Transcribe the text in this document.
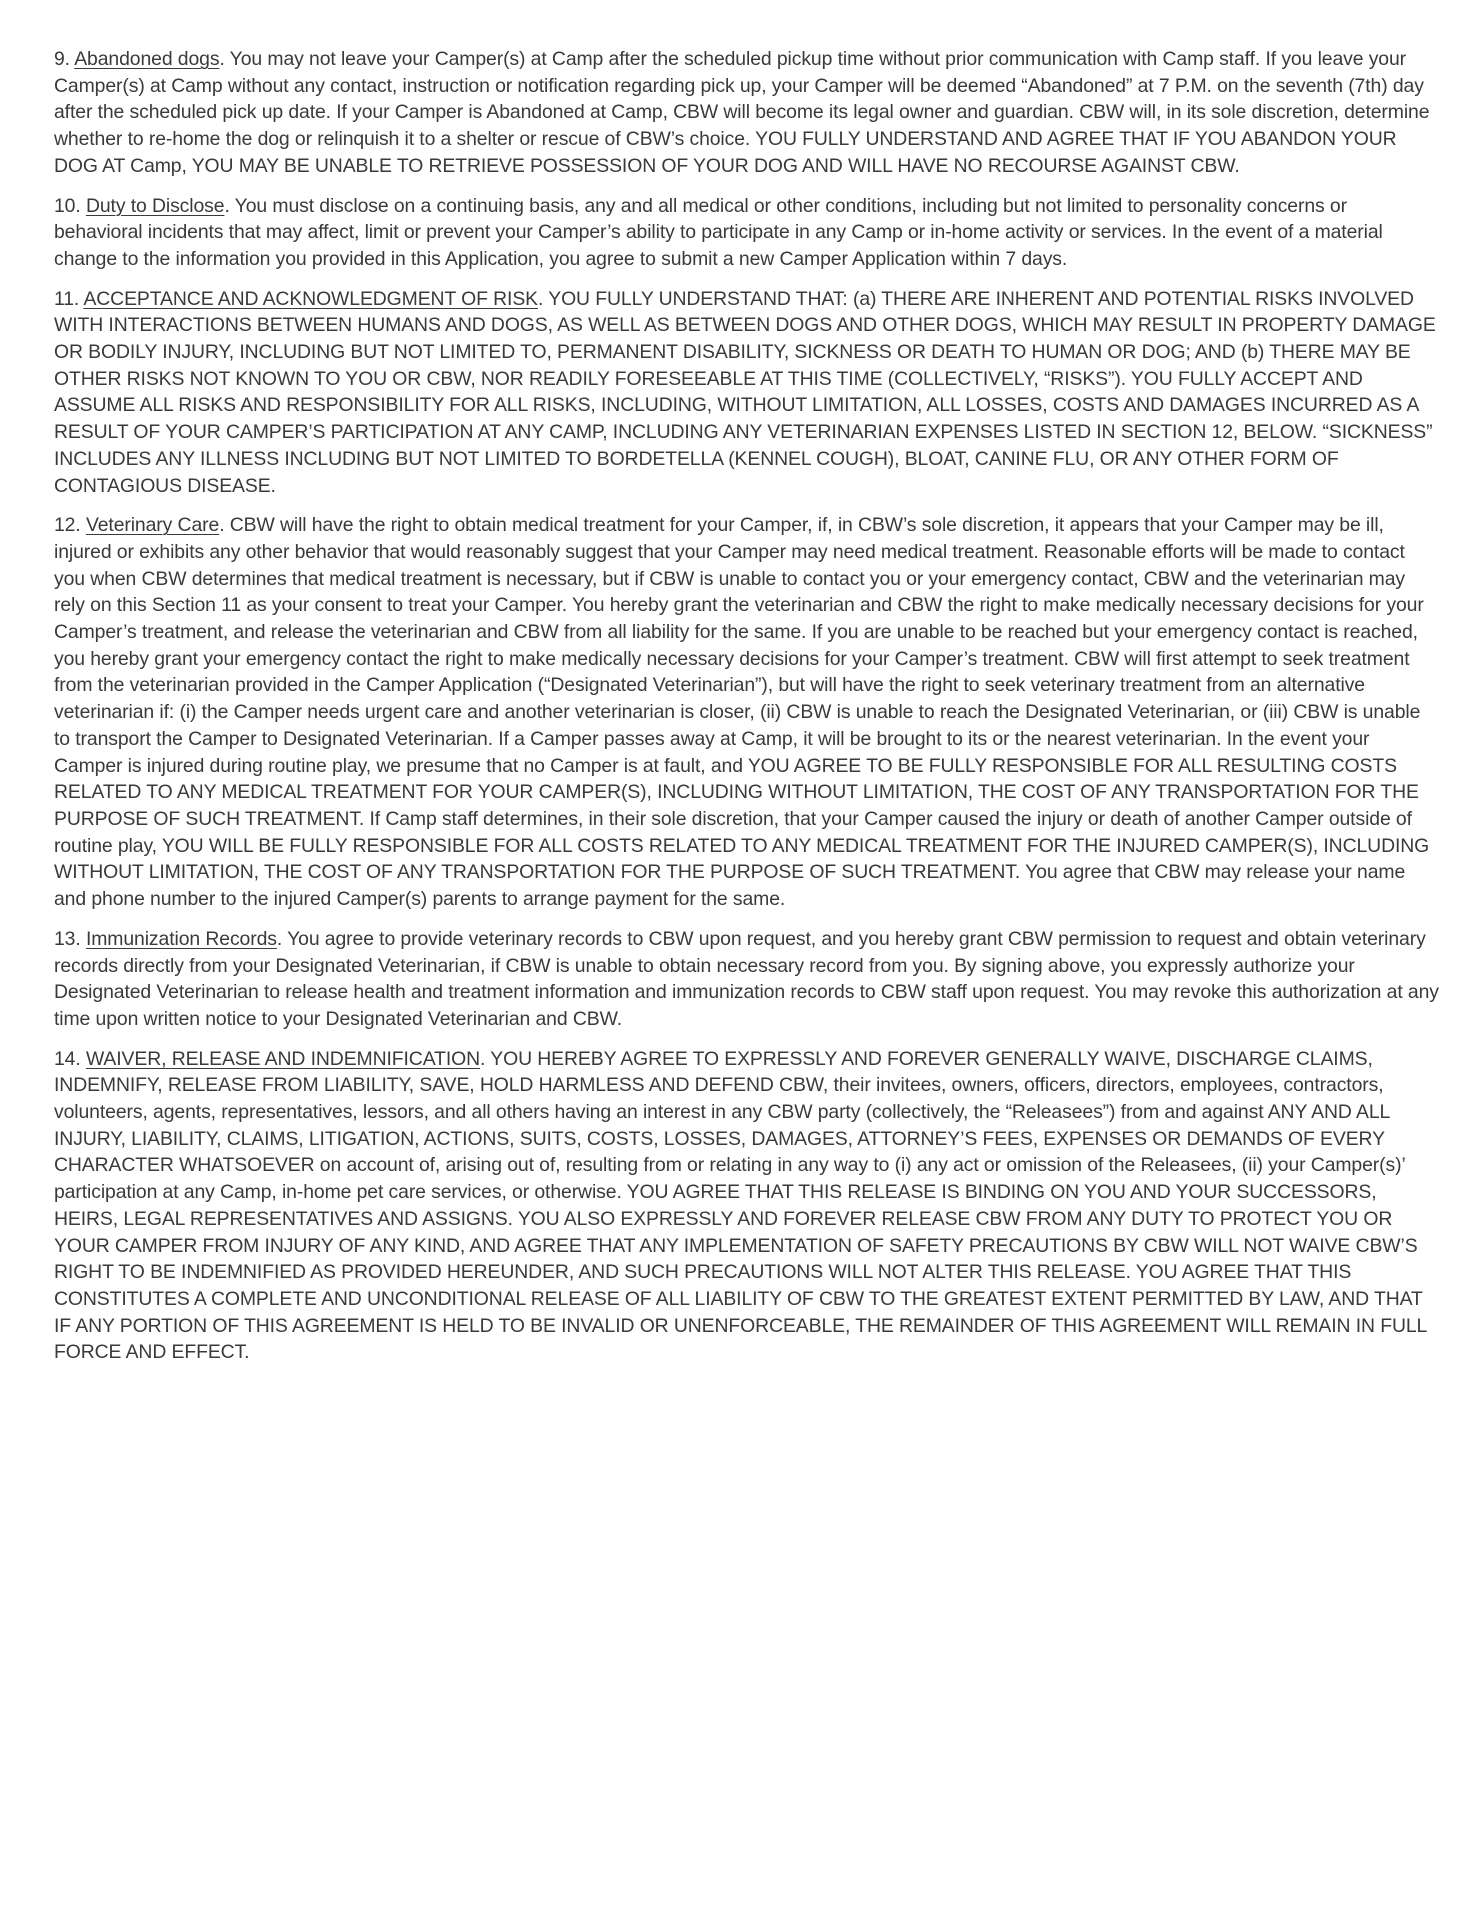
9. Abandoned dogs. You may not leave your Camper(s) at Camp after the scheduled pickup time without prior communication with Camp staff. If you leave your Camper(s) at Camp without any contact, instruction or notification regarding pick up, your Camper will be deemed “Abandoned” at 7 P.M. on the seventh (7th) day after the scheduled pick up date. If your Camper is Abandoned at Camp, CBW will become its legal owner and guardian. CBW will, in its sole discretion, determine whether to re-home the dog or relinquish it to a shelter or rescue of CBW’s choice. YOU FULLY UNDERSTAND AND AGREE THAT IF YOU ABANDON YOUR DOG AT Camp, YOU MAY BE UNABLE TO RETRIEVE POSSESSION OF YOUR DOG AND WILL HAVE NO RECOURSE AGAINST CBW.

10. Duty to Disclose. You must disclose on a continuing basis, any and all medical or other conditions, including but not limited to personality concerns or behavioral incidents that may affect, limit or prevent your Camper’s ability to participate in any Camp or in-home activity or services. In the event of a material change to the information you provided in this Application, you agree to submit a new Camper Application within 7 days.

11. ACCEPTANCE AND ACKNOWLEDGMENT OF RISK. YOU FULLY UNDERSTAND THAT: (a) THERE ARE INHERENT AND POTENTIAL RISKS INVOLVED WITH INTERACTIONS BETWEEN HUMANS AND DOGS, AS WELL AS BETWEEN DOGS AND OTHER DOGS, WHICH MAY RESULT IN PROPERTY DAMAGE OR BODILY INJURY, INCLUDING BUT NOT LIMITED TO, PERMANENT DISABILITY, SICKNESS OR DEATH TO HUMAN OR DOG; AND (b) THERE MAY BE OTHER RISKS NOT KNOWN TO YOU OR CBW, NOR READILY FORESEEABLE AT THIS TIME (COLLECTIVELY, “RISKS”). YOU FULLY ACCEPT AND ASSUME ALL RISKS AND RESPONSIBILITY FOR ALL RISKS, INCLUDING, WITHOUT LIMITATION, ALL LOSSES, COSTS AND DAMAGES INCURRED AS A RESULT OF YOUR CAMPER’S PARTICIPATION AT ANY CAMP, INCLUDING ANY VETERINARIAN EXPENSES LISTED IN SECTION 12, BELOW. “SICKNESS” INCLUDES ANY ILLNESS INCLUDING BUT NOT LIMITED TO BORDETELLA (KENNEL COUGH), BLOAT, CANINE FLU, OR ANY OTHER FORM OF CONTAGIOUS DISEASE.

12. Veterinary Care. CBW will have the right to obtain medical treatment for your Camper, if, in CBW’s sole discretion, it appears that your Camper may be ill, injured or exhibits any other behavior that would reasonably suggest that your Camper may need medical treatment. Reasonable efforts will be made to contact you when CBW determines that medical treatment is necessary, but if CBW is unable to contact you or your emergency contact, CBW and the veterinarian may rely on this Section 11 as your consent to treat your Camper. You hereby grant the veterinarian and CBW the right to make medically necessary decisions for your Camper’s treatment, and release the veterinarian and CBW from all liability for the same. If you are unable to be reached but your emergency contact is reached, you hereby grant your emergency contact the right to make medically necessary decisions for your Camper’s treatment. CBW will first attempt to seek treatment from the veterinarian provided in the Camper Application (“Designated Veterinarian”), but will have the right to seek veterinary treatment from an alternative veterinarian if: (i) the Camper needs urgent care and another veterinarian is closer, (ii) CBW is unable to reach the Designated Veterinarian, or (iii) CBW is unable to transport the Camper to Designated Veterinarian. If a Camper passes away at Camp, it will be brought to its or the nearest veterinarian. In the event your Camper is injured during routine play, we presume that no Camper is at fault, and YOU AGREE TO BE FULLY RESPONSIBLE FOR ALL RESULTING COSTS RELATED TO ANY MEDICAL TREATMENT FOR YOUR CAMPER(S), INCLUDING WITHOUT LIMITATION, THE COST OF ANY TRANSPORTATION FOR THE PURPOSE OF SUCH TREATMENT. If Camp staff determines, in their sole discretion, that your Camper caused the injury or death of another Camper outside of routine play, YOU WILL BE FULLY RESPONSIBLE FOR ALL COSTS RELATED TO ANY MEDICAL TREATMENT FOR THE INJURED CAMPER(S), INCLUDING WITHOUT LIMITATION, THE COST OF ANY TRANSPORTATION FOR THE PURPOSE OF SUCH TREATMENT. You agree that CBW may release your name and phone number to the injured Camper(s) parents to arrange payment for the same.

13. Immunization Records. You agree to provide veterinary records to CBW upon request, and you hereby grant CBW permission to request and obtain veterinary records directly from your Designated Veterinarian, if CBW is unable to obtain necessary record from you. By signing above, you expressly authorize your Designated Veterinarian to release health and treatment information and immunization records to CBW staff upon request. You may revoke this authorization at any time upon written notice to your Designated Veterinarian and CBW.

14. WAIVER, RELEASE AND INDEMNIFICATION. YOU HEREBY AGREE TO EXPRESSLY AND FOREVER GENERALLY WAIVE, DISCHARGE CLAIMS, INDEMNIFY, RELEASE FROM LIABILITY, SAVE, HOLD HARMLESS AND DEFEND CBW, their invitees, owners, officers, directors, employees, contractors, volunteers, agents, representatives, lessors, and all others having an interest in any CBW party (collectively, the “Releasees”) from and against ANY AND ALL INJURY, LIABILITY, CLAIMS, LITIGATION, ACTIONS, SUITS, COSTS, LOSSES, DAMAGES, ATTORNEY’S FEES, EXPENSES OR DEMANDS OF EVERY CHARACTER WHATSOEVER on account of, arising out of, resulting from or relating in any way to (i) any act or omission of the Releasees, (ii) your Camper(s)’ participation at any Camp, in-home pet care services, or otherwise. YOU AGREE THAT THIS RELEASE IS BINDING ON YOU AND YOUR SUCCESSORS, HEIRS, LEGAL REPRESENTATIVES AND ASSIGNS. YOU ALSO EXPRESSLY AND FOREVER RELEASE CBW FROM ANY DUTY TO PROTECT YOU OR YOUR CAMPER FROM INJURY OF ANY KIND, AND AGREE THAT ANY IMPLEMENTATION OF SAFETY PRECAUTIONS BY CBW WILL NOT WAIVE CBW’S RIGHT TO BE INDEMNIFIED AS PROVIDED HEREUNDER, AND SUCH PRECAUTIONS WILL NOT ALTER THIS RELEASE. YOU AGREE THAT THIS CONSTITUTES A COMPLETE AND UNCONDITIONAL RELEASE OF ALL LIABILITY OF CBW TO THE GREATEST EXTENT PERMITTED BY LAW, AND THAT IF ANY PORTION OF THIS AGREEMENT IS HELD TO BE INVALID OR UNENFORCEABLE, THE REMAINDER OF THIS AGREEMENT WILL REMAIN IN FULL FORCE AND EFFECT.
